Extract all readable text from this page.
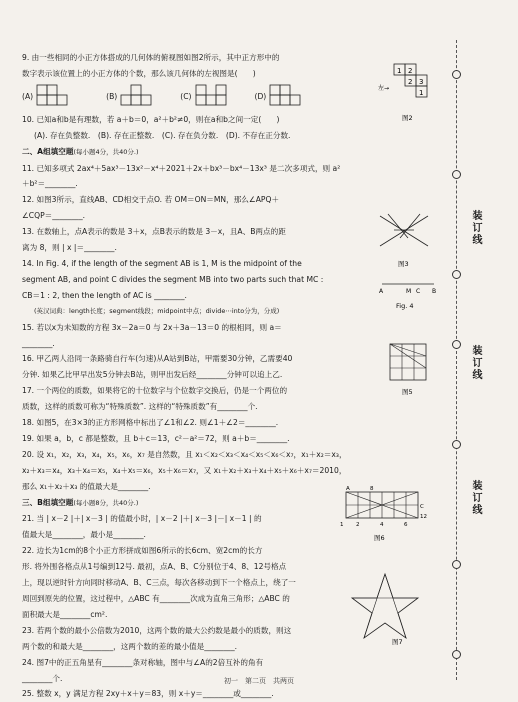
装订线
装订线
装订线
1 2
2 3
1
左→
图2
图3
A	M C B
Fig. 4
图5
A
1 2	4	6
8
C
12
图6
图7
9. 由一些相同的小正方体搭成的几何体的俯视图如图2所示，其中正方形中的
数字表示该位置上的小正方体的个数，那么该几何体的左视图是(　　)
(A)	(B)	(C)	(D)
10. 已知a和b是有理数，若 a＋b＝0，a²＋b²≠0，则在a和b之间一定(　　)
(A). 存在负整数.　(B). 存在正整数.　(C). 存在负分数.　(D). 不存在正分数.
二、A组填空题(每小题4分，共40分.)
11. 已知多项式 2ax⁴＋5ax³－13x²－x⁴＋2021＋2x＋bx³－bx⁴－13x³ 是二次多项式，则 a²
＋b²＝________.
12. 如图3所示，直线AB、CD相交于点O. 若 OM＝ON＝MN，那么∠APQ＋
∠CQP＝________.
13. 在数轴上，点A表示的数是 3＋x，点B表示的数是 3－x，且A、B两点的距
离为 8，则 | x |＝________.
14. In Fig. 4, if the length of the segment AB is 1, M is the midpoint of the
segment AB, and point C divides the segment MB into two parts such that MC :
CB＝1 : 2, then the length of AC is ________.
(英汉词典：length长度；segment线段；midpoint中点；divide⋯into分为，分成)
15. 若以x为未知数的方程 3x－2a＝0 与 2x＋3a－13＝0 的根相同，则 a＝
________.
16. 甲乙两人沿同一条路骑自行车(匀速)从A站到B站，甲需要30分钟，乙需要40
分钟. 如果乙比甲早出发5分钟去B站，则甲出发后经________分钟可以追上乙.
17. 一个两位的质数，如果将它的十位数字与个位数字交换后，仍是一个两位的
质数，这样的质数可称为“特殊质数”. 这样的“特殊质数”有________个.
18. 如图5，在3×3的正方形网格中标出了∠1和∠2. 则∠1＋∠2＝________.
19. 如果 a，b，c 都是整数，且 b＋c＝13，c²－a²＝72，则 a＋b＝________.
20. 设 x₁，x₂，x₃，x₄，x₅，x₆，x₇ 是自然数，且 x₁＜x₂＜x₃＜x₄＜x₅＜x₆＜x₇，x₁＋x₂＝x₃，
x₂＋x₃＝x₄，x₃＋x₄＝x₅，x₄＋x₅＝x₆，x₅＋x₆＝x₇，又 x₁＋x₂＋x₃＋x₄＋x₅＋x₆＋x₇＝2010，
那么 x₁＋x₂＋x₃ 的值最大是________.
三、B组填空题(每小题8分，共40分.)
21. 当 | x－2 |＋| x－3 | 的值最小时，| x－2 |＋| x－3 |－| x－1 | 的
值最大是________，最小是________.
22. 边长为1cm的8个小正方形拼成如图6所示的长6cm、宽2cm的长方
形. 将外围各格点从1号编到12号. 最初，点A、B、C分别位于4、8、12号格点
上，现以逆时针方向同时移动A、B、C三点，每次各移动到下一个格点上，绕了一
周回到原先的位置，这过程中，△ABC 有________次成为直角三角形；△ABC 的
面积最大是________cm².
23. 若两个数的最小公倍数为2010，这两个数的最大公约数是最小的质数，则这
两个数的和最大是________，这两个数的差的最小值是________.
24. 图7中的正五角星有________条对称轴，图中与∠A的2倍互补的角有
________个.
25. 整数 x，y 满足方程 2xy＋x＋y＝83，则 x＋y＝________或________.
初一　第二页　共两页
